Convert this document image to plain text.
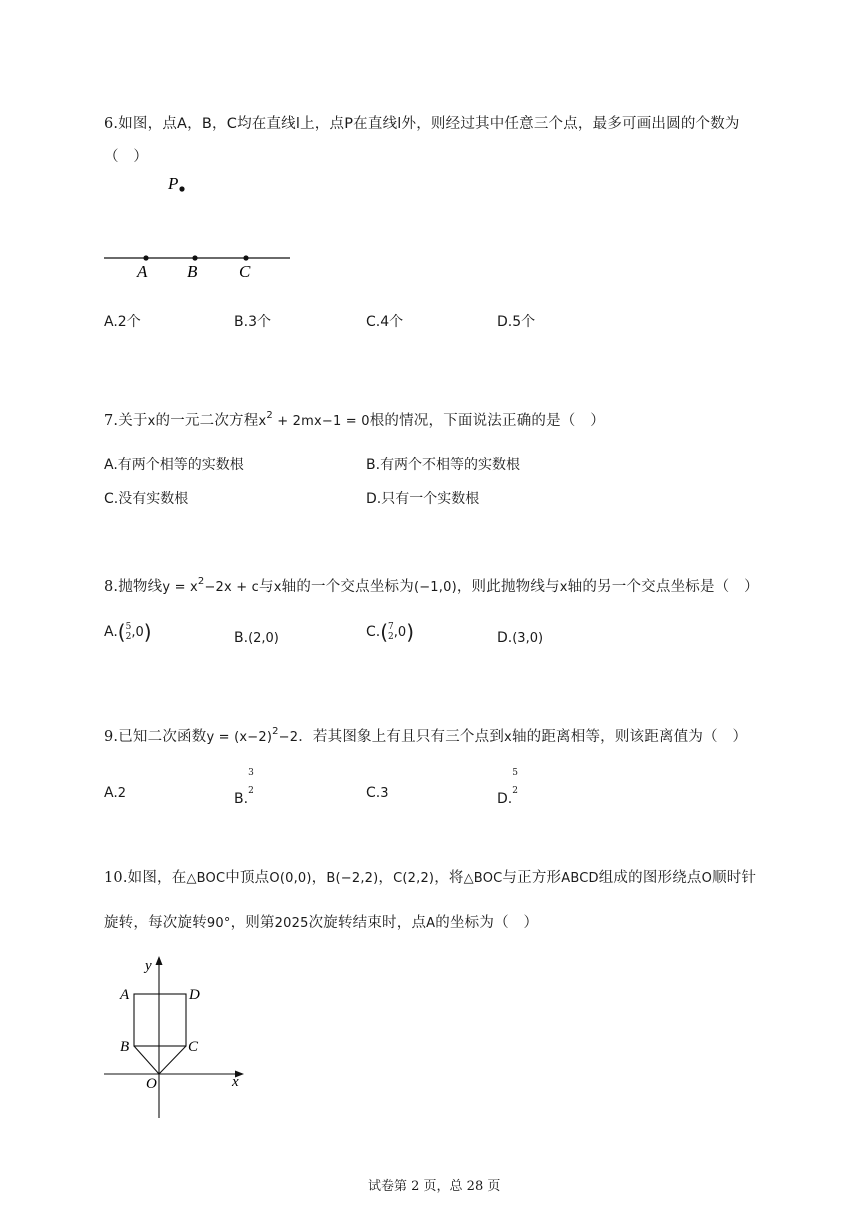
6.如图，点A，B，C均在直线l上，点P在直线l外，则经过其中任意三个点，最多可画出圆的个数为
（　）
P
A B C
A.2个	B.3个	C.4个	D.5个
7.关于x的一元二次方程$x^2 + 2mx-1 = 0$根的情况，下面说法正确的是（　）
A.有两个相等的实数根	B.有两个不相等的实数根
C.没有实数根	D.只有一个实数根
8.抛物线$y = x^2-2x + c$与x轴的一个交点坐标为(−1,0)，则此抛物线与x轴的另一个交点坐标是（　）
A.( 5
2 ,0)	B.(2,0)	C.( 7
2 ,0)	D.(3,0)
9.已知二次函数$y = (x-2)^2-2$．若其图象上有且只有三个点到x轴的距离相等，则该距离值为（　）
A.2	B.
3
2	C.3	D.
5
2
10.如图，在△BOC中顶点O(0,0)，B(−2,2)，C(2,2)，将△BOC与正方形ABCD组成的图形绕点O顺时针
旋转，每次旋转90°，则第2025次旋转结束时，点A的坐标为（　）
y
x
A	D
B	C
O
试卷第 2 页，总 28 页
